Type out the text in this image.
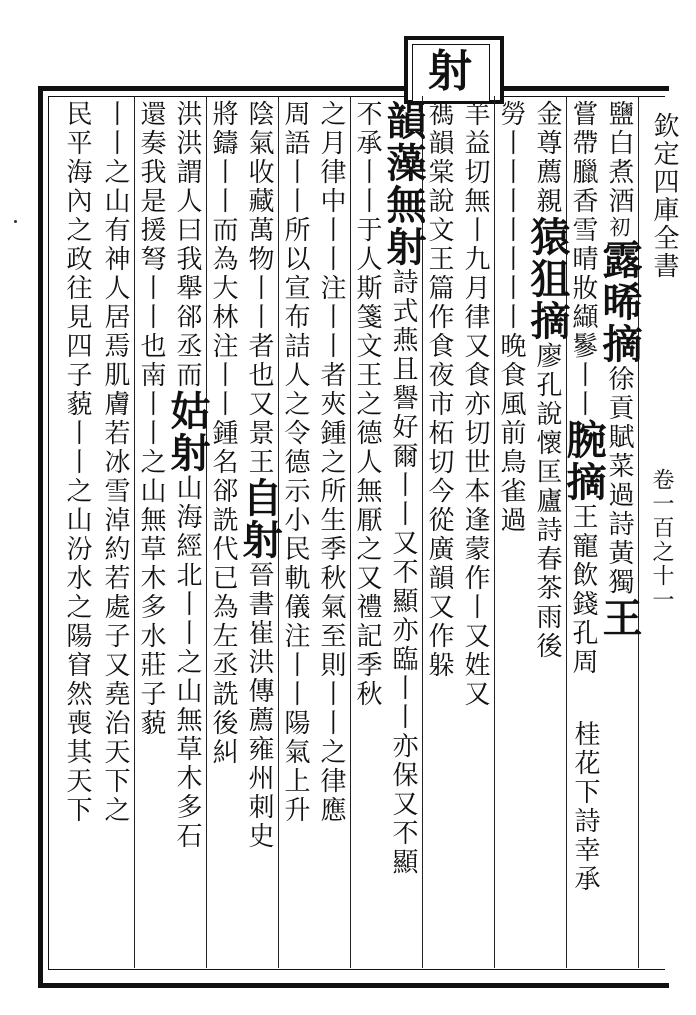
射
欽定四庫全書
卷一百之十一
鹽白煮酒初露晞摘徐貢賦菜過詩黃獨王
嘗帶臘香雪晴妝纈鬖丨丨腕摘王寵飲錢孔周
桂花下詩幸承
金尊薦親猿狙摘廖孔說懷匡廬詩春茶雨後
勞丨丨丨丨丨丨丨晚食風前鳥雀過
羊益切無丨九月律又食亦切世本逢蒙作丨又姓又
禡韻棠說文王篇作食夜市柘切今從廣韻又作躲
韻藻無射詩式燕且譽好爾丨丨又不顯亦臨丨丨亦保又不顯
不承丨丨于人斯箋文王之德人無厭之又禮記季秋
之月律中丨丨注丨丨者夾鍾之所生季秋氣至則丨丨之律應
周語丨丨所以宣布詰人之令德示小民軌儀注丨丨陽氣上升
陰氣收藏萬物丨丨者也又景王自射晉書崔洪傳薦雍州刺史
將鑄丨丨而為大林注丨丨鍾名郤詵代已為左丞詵後糾
洪洪謂人曰我舉郤丞而姑射山海經北丨丨之山無草木多石
還奏我是援弩丨丨也南丨丨之山無草木多水莊子藐
丨丨之山有神人居焉肌膚若冰雪淖約若處子又堯治天下之
民平海內之政往見四子藐丨丨之山汾水之陽窅然喪其天下
